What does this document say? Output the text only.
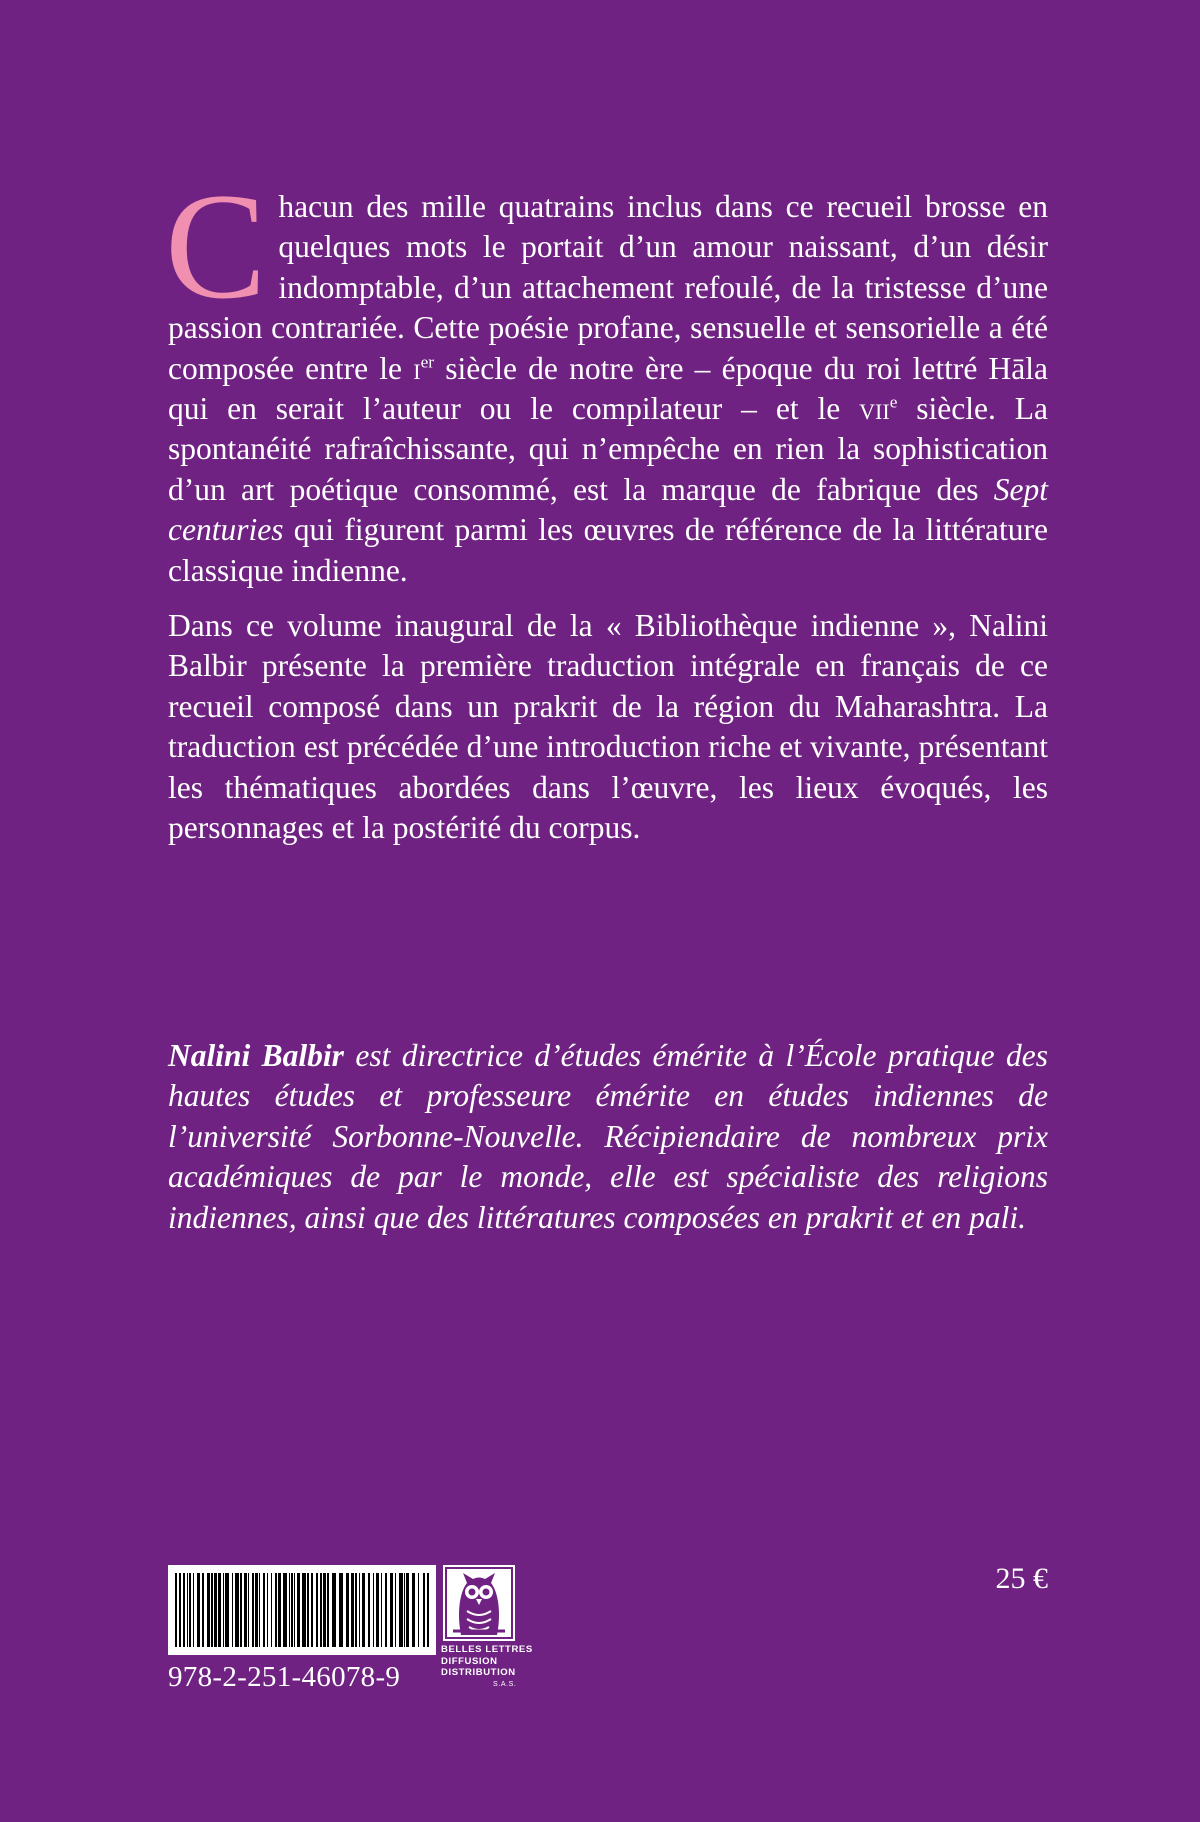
Chacun des mille quatrains inclus dans ce recueil brosse en quelques mots le portait d’un amour naissant, d’un désir indomptable, d’un attachement refoulé, de la tristesse d’une passion contrariée. Cette poésie profane, sensuelle et sensorielle a été composée entre le $i^{er}$ siècle de notre ère – époque du roi lettré Hāla qui en serait l’auteur ou le compilateur – et le vii$^e$ siècle. La spontanéité rafraîchissante, qui n’empêche en rien la sophistication d’un art poétique consommé, est la marque de fabrique des Sept centuries qui figurent parmi les œuvres de référence de la littérature classique indienne.

Dans ce volume inaugural de la « Bibliothèque indienne », Nalini Balbir présente la première traduction intégrale en français de ce recueil composé dans un prakrit de la région du Maharashtra. La traduction est précédée d’une introduction riche et vivante, présentant les thématiques abordées dans l’œuvre, les lieux évoqués, les personnages et la postérité du corpus.

Nalini Balbir est directrice d’études émérite à l’École pratique des hautes études et professeure émérite en études indiennes de l’université Sorbonne-Nouvelle. Récipiendaire de nombreux prix académiques de par le monde, elle est spécialiste des religions indiennes, ainsi que des littératures composées en prakrit et en pali.

978-2-251-46078-9
BELLES LETTRES
DIFFUSION
DISTRIBUTION
S.A.S.
25 €
